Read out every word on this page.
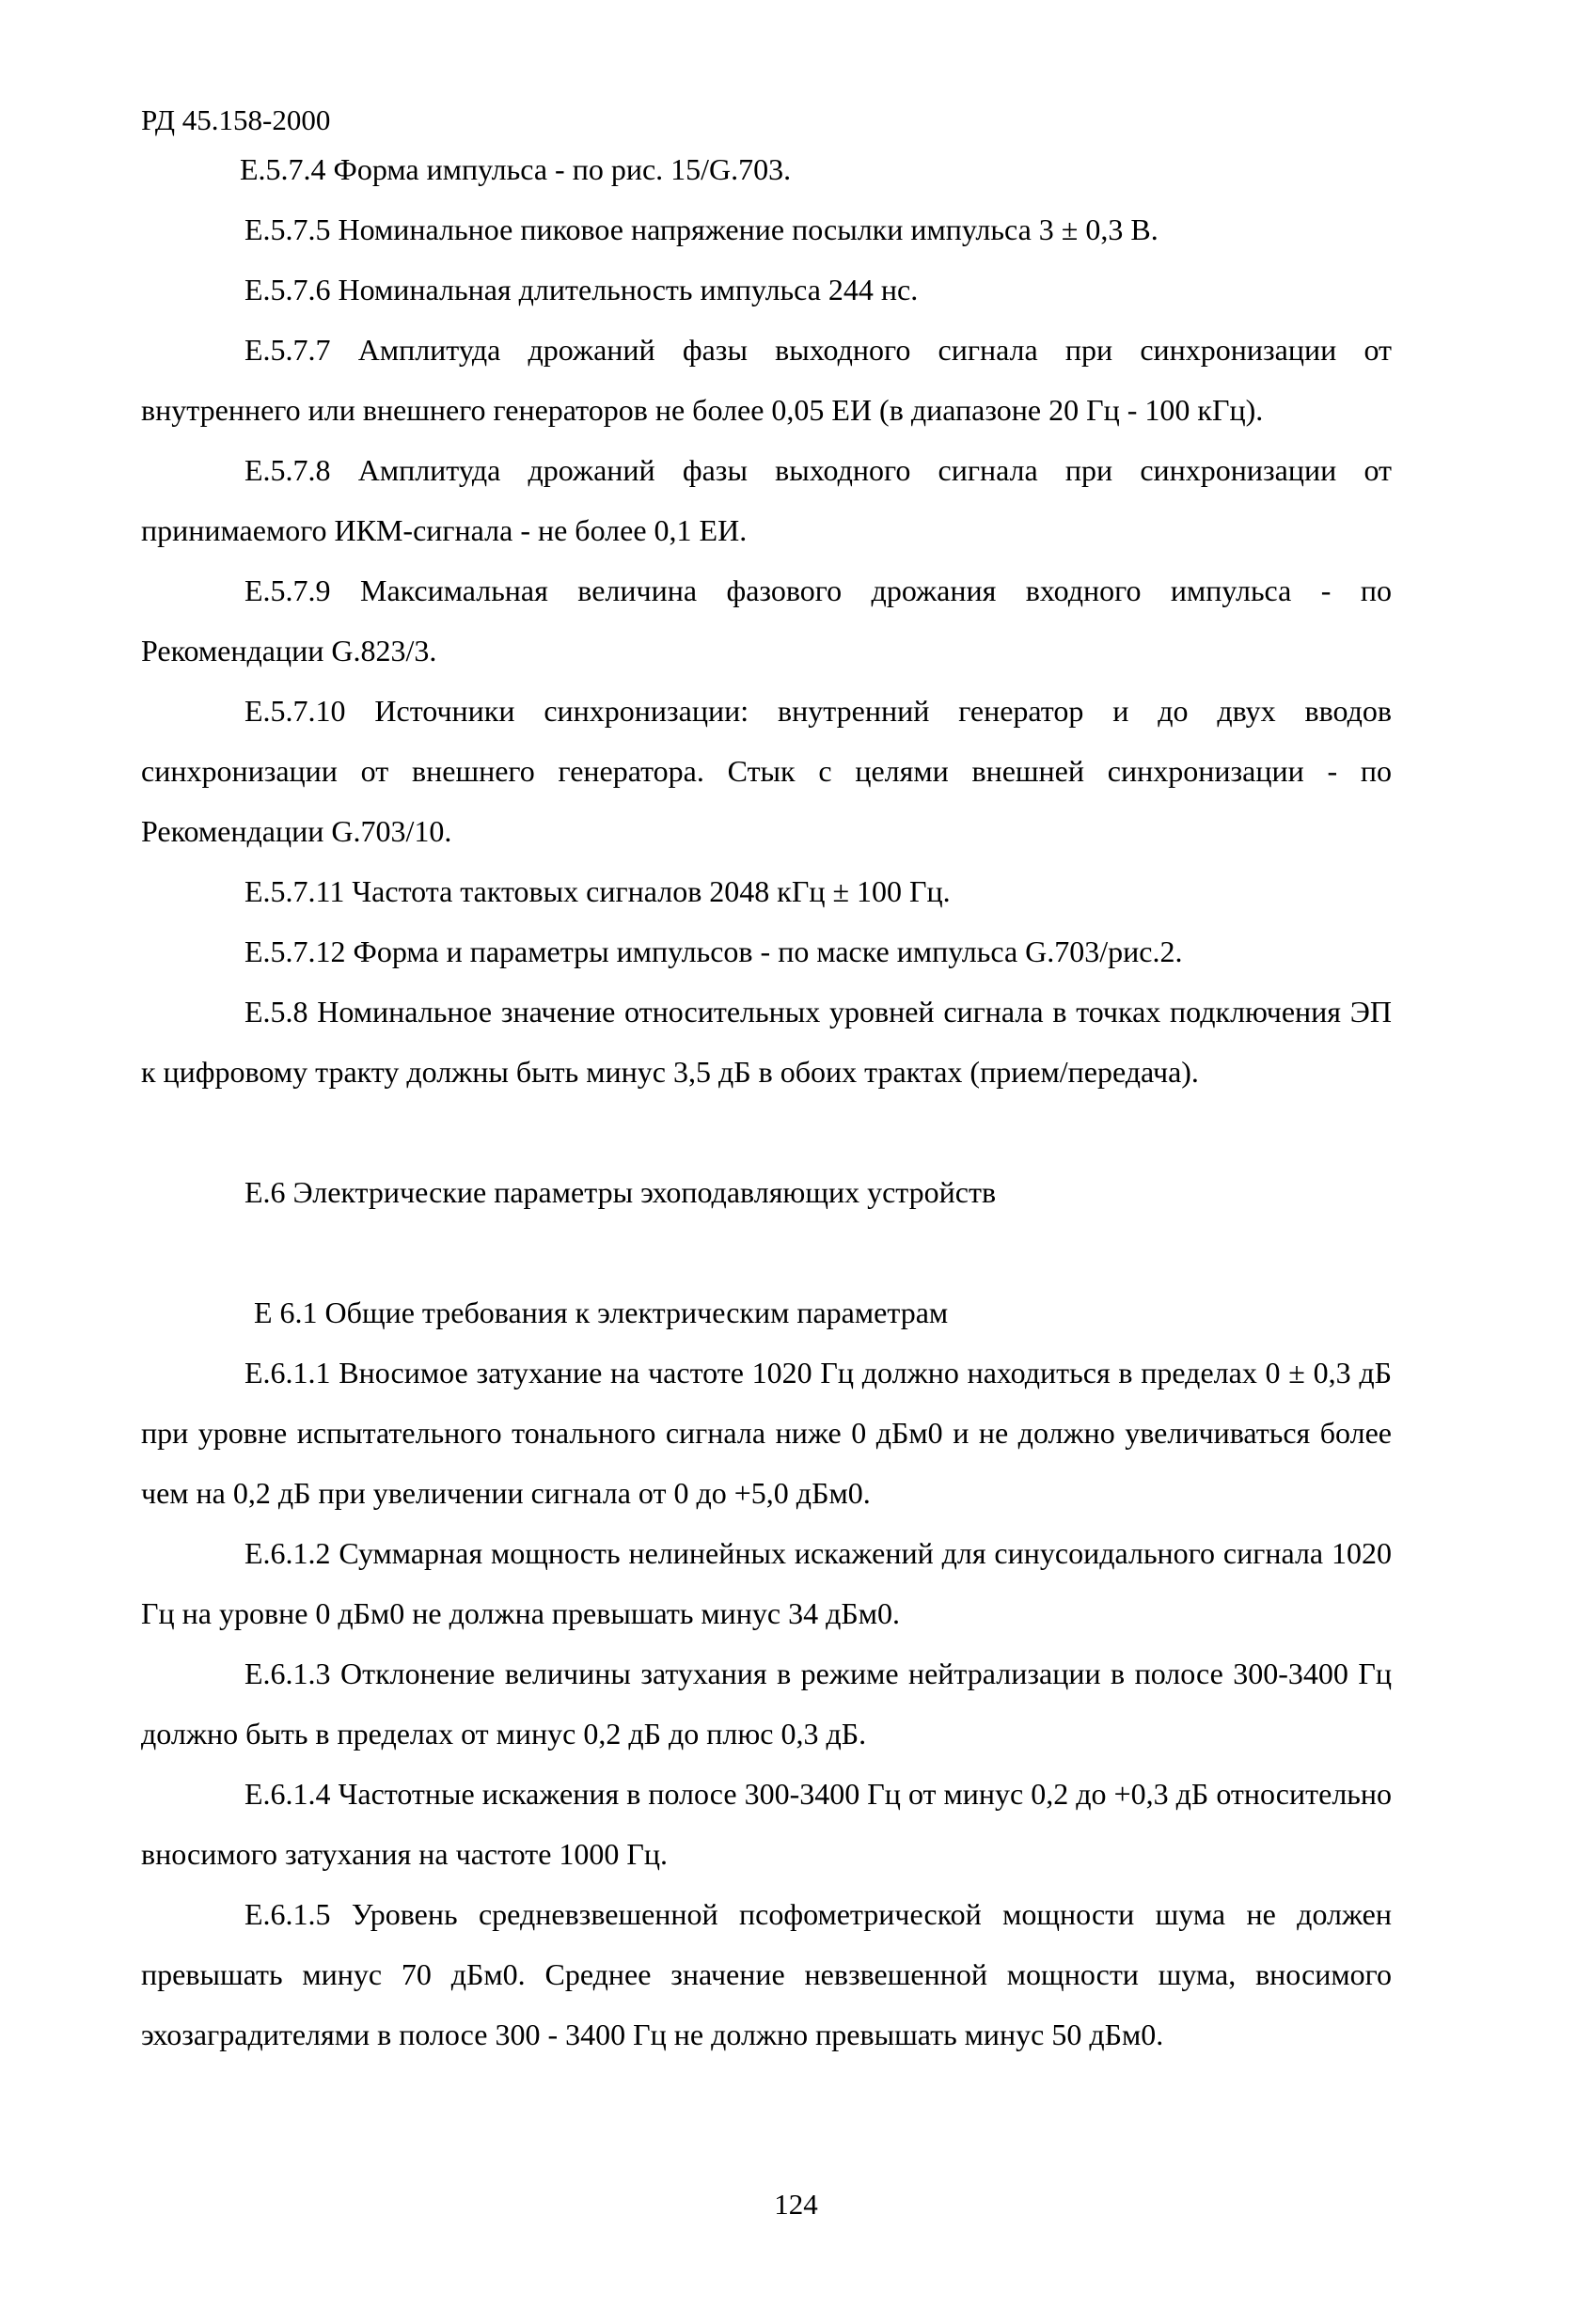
РД 45.158-2000

Е.5.7.4 Форма импульса - по рис. 15/G.703.

Е.5.7.5 Номинальное пиковое напряжение посылки импульса 3 ± 0,3 В.

Е.5.7.6 Номинальная длительность импульса 244 нс.

Е.5.7.7 Амплитуда дрожаний фазы выходного сигнала при синхронизации от внутреннего или внешнего генераторов не более 0,05 ЕИ (в диапазоне 20 Гц - 100 кГц).

Е.5.7.8 Амплитуда дрожаний фазы выходного сигнала при синхронизации от принимаемого ИКМ-сигнала - не более 0,1 ЕИ.

Е.5.7.9 Максимальная величина фазового дрожания входного импульса - по Рекомендации G.823/3.

Е.5.7.10 Источники синхронизации: внутренний генератор и до двух вводов синхронизации от внешнего генератора. Стык с целями внешней синхронизации - по Рекомендации G.703/10.

Е.5.7.11 Частота тактовых сигналов 2048 кГц ± 100 Гц.

Е.5.7.12 Форма и параметры импульсов - по маске импульса G.703/рис.2.

Е.5.8 Номинальное значение относительных уровней сигнала в точках подключения ЭП к цифровому тракту должны быть минус 3,5 дБ в обоих трактах (прием/передача).

Е.6 Электрические параметры эхоподавляющих устройств

Е 6.1 Общие требования к электрическим параметрам

Е.6.1.1 Вносимое затухание на частоте 1020 Гц должно находиться в пределах 0 ± 0,3 дБ при уровне испытательного тонального сигнала ниже 0 дБм0 и не должно увеличиваться более чем на 0,2 дБ при увеличении сигнала от 0 до +5,0 дБм0.

Е.6.1.2 Суммарная мощность нелинейных искажений для синусоидального сигнала 1020 Гц на уровне 0 дБм0 не должна превышать минус 34 дБм0.

Е.6.1.3 Отклонение величины затухания в режиме нейтрализации в полосе 300-3400 Гц должно быть в пределах от минус 0,2 дБ до плюс 0,3 дБ.

Е.6.1.4 Частотные искажения в полосе 300-3400 Гц от минус 0,2 до +0,3 дБ относительно вносимого затухания на частоте 1000 Гц.

Е.6.1.5 Уровень средневзвешенной псофометрической мощности шума не должен превышать минус 70 дБм0. Среднее значение невзвешенной мощности шума, вносимого эхозаградителями в полосе 300 - 3400 Гц не должно превышать минус 50 дБм0.

124
